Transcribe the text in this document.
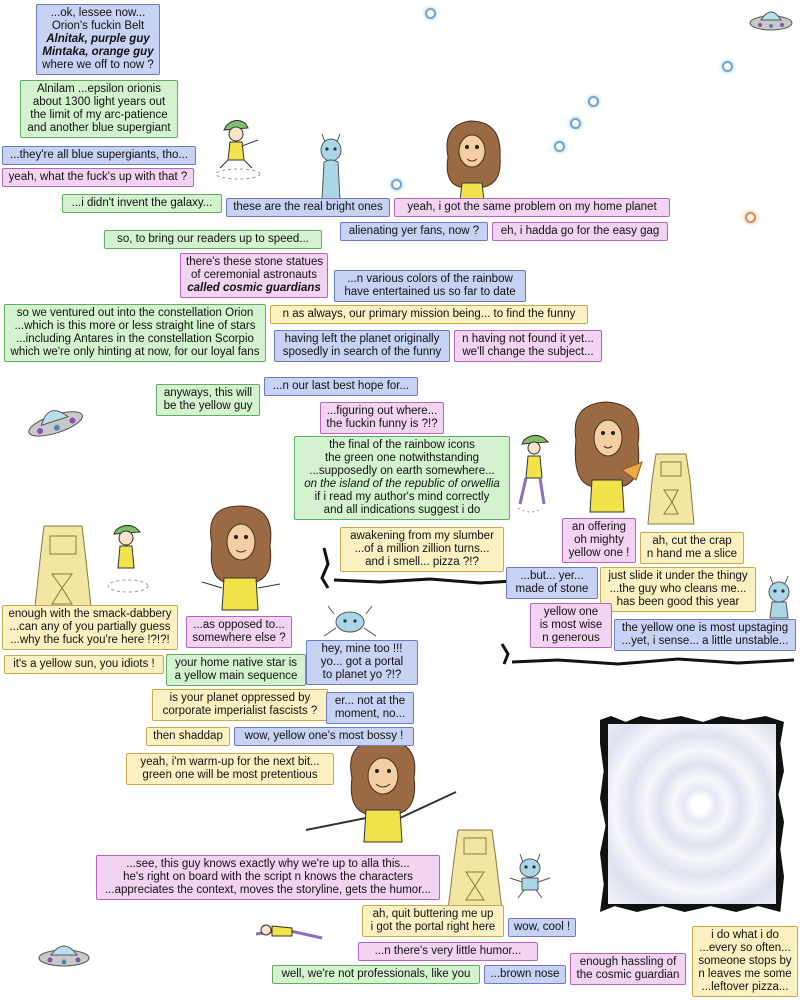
...ok, lessee now...
Orion's fuckin Belt
Alnitak, purple guy
Mintaka, orange guy
where we off to now ?
Alnilam ...epsilon orionis
about 1300 light years out
the limit of my arc-patience
and another blue supergiant
...they're all blue supergiants, tho...
yeah, what the fuck's up with that ?
...i didn't invent the galaxy...	these are the real bright ones	yeah, i got the same problem on my home planet
alienating yer fans, now ? eh, i hadda go for the easy gag
so, to bring our readers up to speed...
there's these stone statues
of ceremonial astronauts
called cosmic guardians
...n various colors of the rainbow
have entertained us so far to date
so we ventured out into the constellation Orion
...which is this more or less straight line of stars
...including Antares in the constellation Scorpio
which we're only hinting at now, for our loyal fans
n as always, our primary mission being... to find the funny
having left the planet originally
sposedly in search of the funny
n having not found it yet...
we'll change the subject...
...n our last best hope for...
anyways, this will
be the yellow guy	...figuring out where...
the fuckin funny is ?!?
the final of the rainbow icons
the green one notwithstanding
...supposedly on earth somewhere...
on the island of the republic of orwellia
if i read my author's mind correctly
and all indications suggest i do
awakening from my slumber
...of a million zillion turns...
and i smell... pizza ?!?
an offering
oh mighty
yellow one !
ah, cut the crap
n hand me a slice
...but... yer...
made of stone
just slide it under the thingy
...the guy who cleans me...
has been good this year
yellow one
is most wise
n generous
the yellow one is most upstaging
...yet, i sense... a little unstable...
enough with the smack-dabbery
...can any of you partially guess
...why the fuck you're here !?!?!
...as opposed to...
somewhere else ?
hey, mine too !!!
yo... got a portal
to planet yo ?!?
it's a yellow sun, you idiots ! your home native star is
a yellow main sequence
is your planet oppressed by
corporate imperialist fascists ?
er... not at the
moment, no...
then shaddap	wow, yellow one's most bossy !
yeah, i'm warm-up for the next bit...
green one will be most pretentious
...see, this guy knows exactly why we're up to alla this...
he's right on board with the script n knows the characters
...appreciates the context, moves the storyline, gets the humor...
ah, quit buttering me up
i got the portal right here wow, cool !
...n there's very little humor...
i do what i do
...every so often...
someone stops by
n leaves me some
...leftover pizza...
enough hassling of
the cosmic guardian
well, we're not professionals, like you	...brown nose
